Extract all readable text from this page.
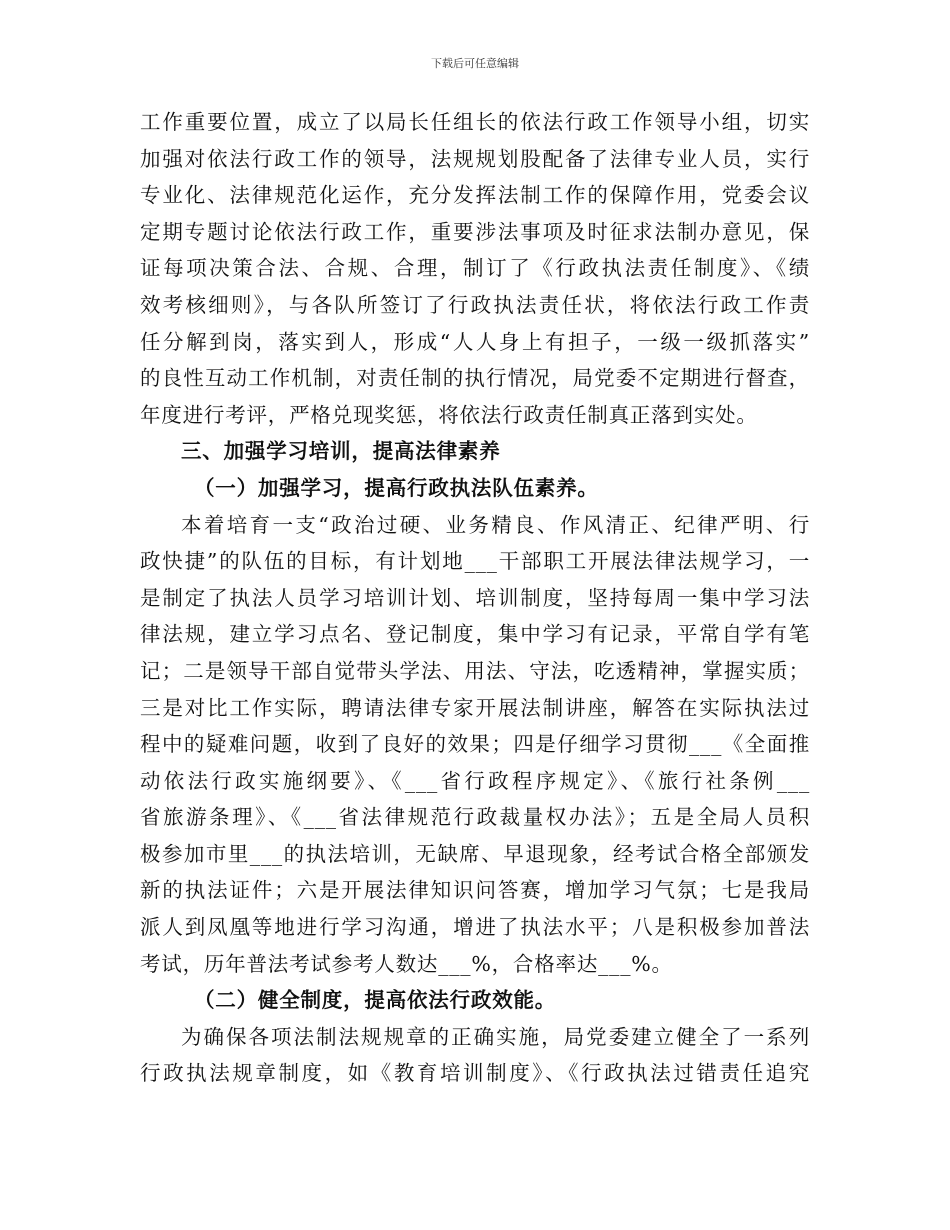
下载后可任意编辑
工作重要位置，成立了以局长任组长的依法行政工作领导小组，切实
加强对依法行政工作的领导，法规规划股配备了法律专业人员，实行
专业化、法律规范化运作，充分发挥法制工作的保障作用，党委会议
定期专题讨论依法行政工作，重要涉法事项及时征求法制办意见，保
证每项决策合法、合规、合理，制订了《行政执法责任制度》、《绩
效考核细则》，与各队所签订了行政执法责任状，将依法行政工作责
任分解到岗，落实到人，形成“人人身上有担子，一级一级抓落实”
的良性互动工作机制，对责任制的执行情况，局党委不定期进行督查，
年度进行考评，严格兑现奖惩，将依法行政责任制真正落到实处。
三、加强学习培训，提高法律素养
（一）加强学习，提高行政执法队伍素养。
本着培育一支“政治过硬、业务精良、作风清正、纪律严明、行
政快捷”的队伍的目标，有计划地___干部职工开展法律法规学习，一
是制定了执法人员学习培训计划、培训制度，坚持每周一集中学习法
律法规，建立学习点名、登记制度，集中学习有记录，平常自学有笔
记；二是领导干部自觉带头学法、用法、守法，吃透精神，掌握实质；
三是对比工作实际，聘请法律专家开展法制讲座，解答在实际执法过
程中的疑难问题，收到了良好的效果；四是仔细学习贯彻___《全面推
动依法行政实施纲要》、《___省行政程序规定》、《旅行社条例___
省旅游条理》、《___省法律规范行政裁量权办法》；五是全局人员积
极参加市里___的执法培训，无缺席、早退现象，经考试合格全部颁发
新的执法证件；六是开展法律知识问答赛，增加学习气氛；七是我局
派人到凤凰等地进行学习沟通，增进了执法水平；八是积极参加普法
考试，历年普法考试参考人数达___%，合格率达___%。
（二）健全制度，提高依法行政效能。
为确保各项法制法规规章的正确实施，局党委建立健全了一系列
行政执法规章制度，如《教育培训制度》、《行政执法过错责任追究
